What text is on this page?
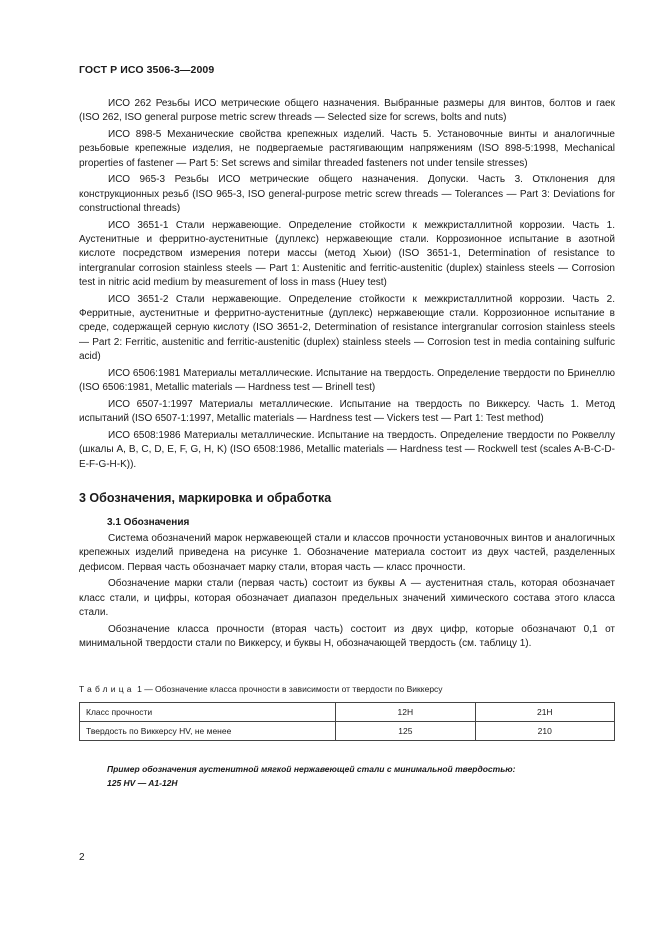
ГОСТ Р ИСО 3506-3—2009

ИСО 262 Резьбы ИСО метрические общего назначения. Выбранные размеры для винтов, болтов и гаек (ISO 262, ISO general purpose metric screw threads — Selected size for screws, bolts and nuts)

ИСО 898-5 Механические свойства крепежных изделий. Часть 5. Установочные винты и аналогичные резьбовые крепежные изделия, не подвергаемые растягивающим напряжениям (ISO 898-5:1998, Mechanical properties of fastener — Part 5: Set screws and similar threaded fasteners not under tensile stresses)

ИСО 965-3 Резьбы ИСО метрические общего назначения. Допуски. Часть 3. Отклонения для конструкционных резьб (ISO 965-3, ISO general-purpose metric screw threads — Tolerances — Part 3: Deviations for constructional threads)

ИСО 3651-1 Стали нержавеющие. Определение стойкости к межкристаллитной коррозии. Часть 1. Аустенитные и ферритно-аустенитные (дуплекс) нержавеющие стали. Коррозионное испытание в азотной кислоте посредством измерения потери массы (метод Хьюи) (ISO 3651-1, Determination of resistance to intergranular corrosion stainless steels — Part 1: Austenitic and ferritic-austenitic (duplex) stainless steels — Corrosion test in nitric acid medium by measurement of loss in mass (Huey test)

ИСО 3651-2 Стали нержавеющие. Определение стойкости к межкристаллитной коррозии. Часть 2. Ферритные, аустенитные и ферритно-аустенитные (дуплекс) нержавеющие стали. Коррозионное испытание в среде, содержащей серную кислоту (ISO 3651-2, Determination of resistance intergranular corrosion stainless steels — Part 2: Ferritic, austenitic and ferritic-austenitic (duplex) stainless steels — Corrosion test in media containing sulfuric acid)

ИСО 6506:1981 Материалы металлические. Испытание на твердость. Определение твердости по Бринеллю (ISO 6506:1981, Metallic materials — Hardness test — Brinell test)

ИСО 6507-1:1997 Материалы металлические. Испытание на твердость по Виккерсу. Часть 1. Метод испытаний (ISO 6507-1:1997, Metallic materials — Hardness test — Vickers test — Part 1: Test method)

ИСО 6508:1986 Материалы металлические. Испытание на твердость. Определение твердости по Роквеллу (шкалы A, B, C, D, E, F, G, H, K) (ISO 6508:1986, Metallic materials — Hardness test — Rockwell test (scales A-B-C-D-E-F-G-H-K)).

3 Обозначения, маркировка и обработка
3.1 Обозначения

Система обозначений марок нержавеющей стали и классов прочности установочных винтов и аналогичных крепежных изделий приведена на рисунке 1. Обозначение материала состоит из двух частей, разделенных дефисом. Первая часть обозначает марку стали, вторая часть — класс прочности.

Обозначение марки стали (первая часть) состоит из буквы А — аустенитная сталь, которая обозначает класс стали, и цифры, которая обозначает диапазон предельных значений химического состава этого класса стали.

Обозначение класса прочности (вторая часть) состоит из двух цифр, которые обозначают 0,1 от минимальной твердости стали по Виккерсу, и буквы Н, обозначающей твердость (см. таблицу 1).

Таблица 1 — Обозначение класса прочности в зависимости от твердости по Виккерсу
Класс прочности	12H	21H
Твердость по Виккерсу HV, не менее	125	210
Пример обозначения аустенитной мягкой нержавеющей стали с минимальной твердостью:
125 HV — A1-12H
2
